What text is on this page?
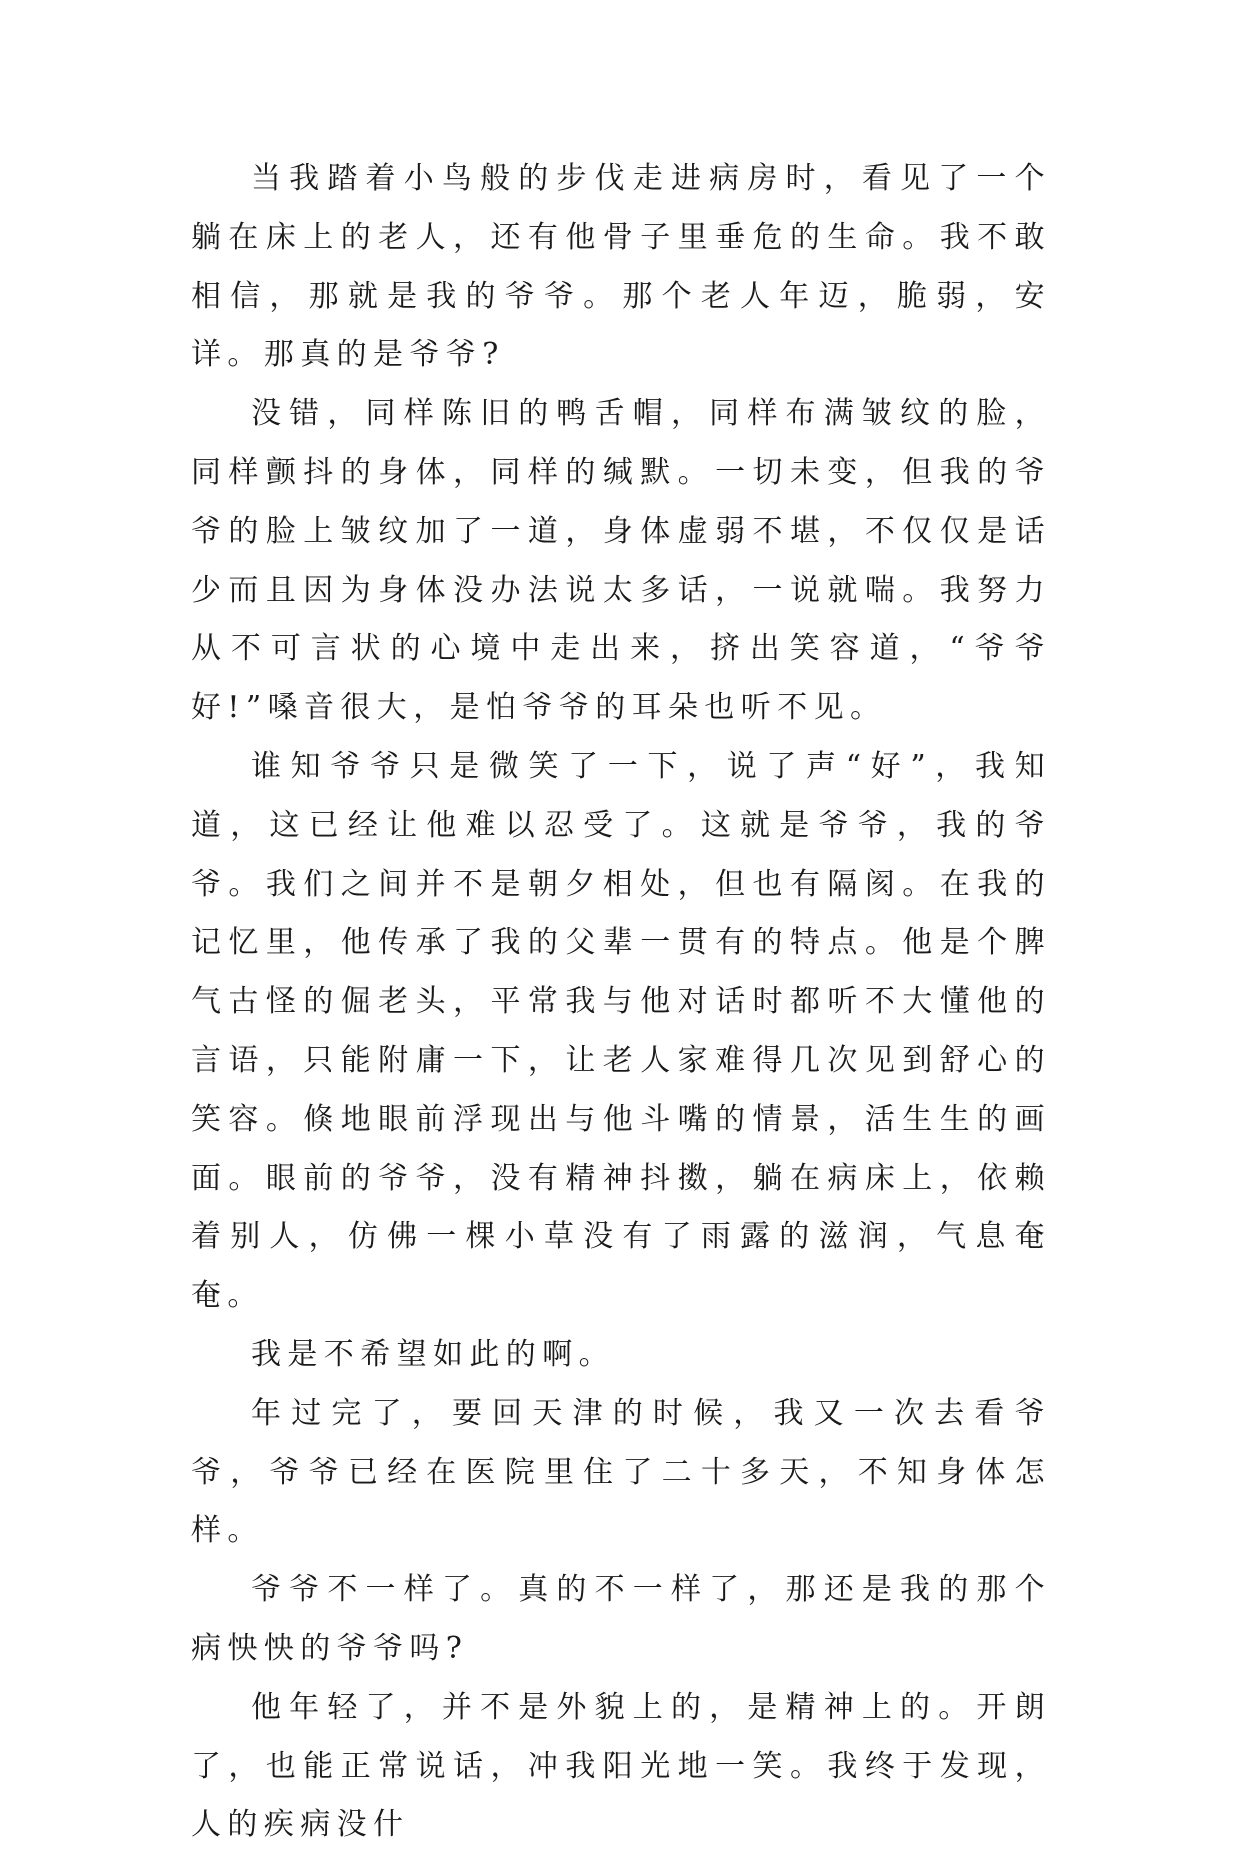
当我踏着小鸟般的步伐走进病房时，看见了一个躺在床上的老人，还有他骨子里垂危的生命。我不敢相信，那就是我的爷爷。那个老人年迈，脆弱，安详。那真的是爷爷?

没错，同样陈旧的鸭舌帽，同样布满皱纹的脸，同样颤抖的身体，同样的缄默。一切未变，但我的爷爷的脸上皱纹加了一道，身体虚弱不堪，不仅仅是话少而且因为身体没办法说太多话，一说就喘。我努力从不可言状的心境中走出来，挤出笑容道，“爷爷好!”嗓音很大，是怕爷爷的耳朵也听不见。

谁知爷爷只是微笑了一下，说了声“好”，我知道，这已经让他难以忍受了。这就是爷爷，我的爷爷。我们之间并不是朝夕相处，但也有隔阂。在我的记忆里，他传承了我的父辈一贯有的特点。他是个脾气古怪的倔老头，平常我与他对话时都听不大懂他的言语，只能附庸一下，让老人家难得几次见到舒心的笑容。倏地眼前浮现出与他斗嘴的情景，活生生的画面。眼前的爷爷，没有精神抖擞，躺在病床上，依赖着别人，仿佛一棵小草没有了雨露的滋润，气息奄奄。

我是不希望如此的啊。

年过完了，要回天津的时候，我又一次去看爷爷，爷爷已经在医院里住了二十多天，不知身体怎样。

爷爷不一样了。真的不一样了，那还是我的那个病怏怏的爷爷吗?

他年轻了，并不是外貌上的，是精神上的。开朗了，也能正常说话，冲我阳光地一笑。我终于发现，人的疾病没什
